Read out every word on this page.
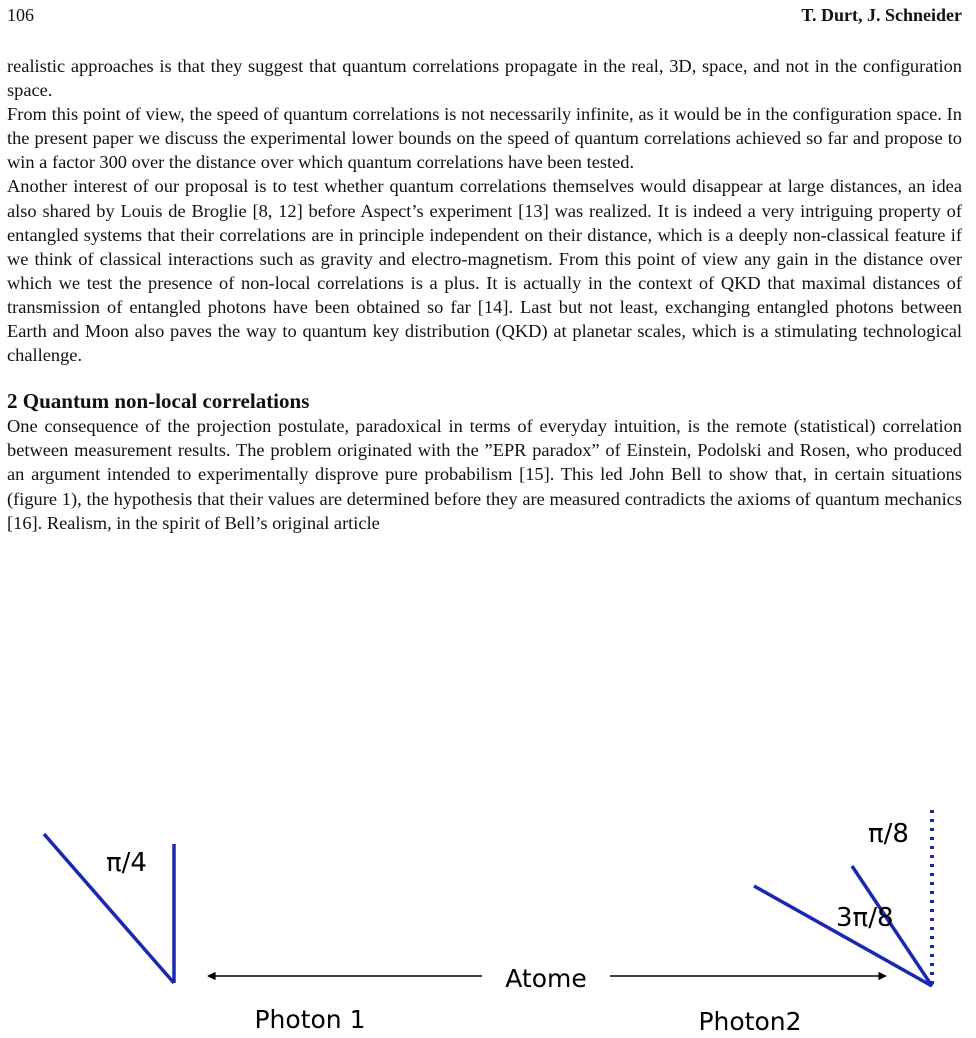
106	T. Durt, J. Schneider

realistic approaches is that they suggest that quantum correlations propagate in the real, 3D, space, and not in the configuration space.

From this point of view, the speed of quantum correlations is not necessarily infinite, as it would be in the configuration space. In the present paper we discuss the experimental lower bounds on the speed of quantum correlations achieved so far and propose to win a factor 300 over the distance over which quantum correlations have been tested.

Another interest of our proposal is to test whether quantum correlations themselves would disappear at large distances, an idea also shared by Louis de Broglie [8, 12] before Aspect’s experiment [13] was realized. It is indeed a very intriguing property of entangled systems that their correlations are in principle independent on their distance, which is a deeply non-classical feature if we think of classical interactions such as gravity and electro-magnetism. From this point of view any gain in the distance over which we test the presence of non-local correlations is a plus. It is actually in the context of QKD that maximal distances of transmission of entangled photons have been obtained so far [14]. Last but not least, exchanging entangled photons between Earth and Moon also paves the way to quantum key distribution (QKD) at planetar scales, which is a stimulating technological challenge.

2 Quantum non-local correlations

One consequence of the projection postulate, paradoxical in terms of everyday intuition, is the remote (statistical) correlation between measurement results. The problem originated with the ”EPR paradox” of Einstein, Podolski and Rosen, who produced an argument intended to experimentally disprove pure probabilism [15]. This led John Bell to show that, in certain situations (figure 1), the hypothesis that their values are determined before they are measured contradicts the axioms of quantum mechanics [16]. Realism, in the spirit of Bell’s original article

π/4
π/8
3π/8
Atome
Photon 1	Photon2
